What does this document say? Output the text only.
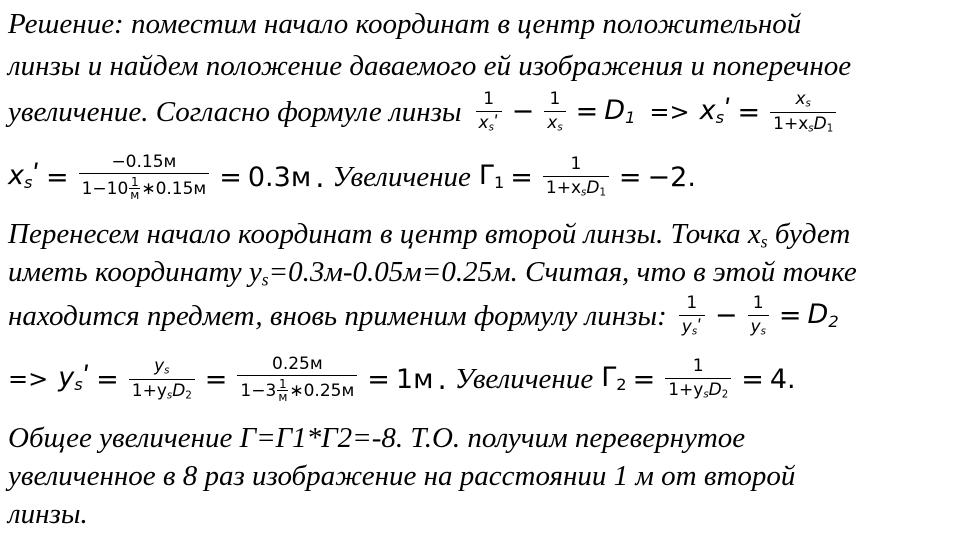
Решение: поместим начало координат в центр положительной
линзы и найдем положение даваемого ей изображения и поперечное
увеличение. Согласно формуле линзы $\frac{1}{x_sʹ} - \frac{1}{x_s} = D_1$ => $x_sʹ = \frac{x_s}{1+x_sD_1}$
$x_sʹ = -0.15м$
1−10 1
м ∗0.15м = 0.3м . Увеличение $\Gamma_1 = \frac{1}{1+x_sD_1} = -2$.
Перенесем начало координат в центр второй линзы. Точка $x_s$ будет
иметь координату $y_s=0.3м-0.05м=0.25м$. Считая, что в этой точке
находится предмет, вновь применим формулу линзы: $\frac{1}{y_sʹ} - \frac{1}{y_s} = D_2$
=> $y_sʹ = \frac{y_s}{1+y_sD_2} = 0.25м$
1−3 1
м ∗0.25м = 1м . Увеличение $\Gamma_2 = \frac{1}{1+y_sD_2} = 4$.
Общее увеличение Г=Г1*Г2=-8. Т.О. получим перевернутое
увеличенное в 8 раз изображение на расстоянии 1 м от второй
линзы.
